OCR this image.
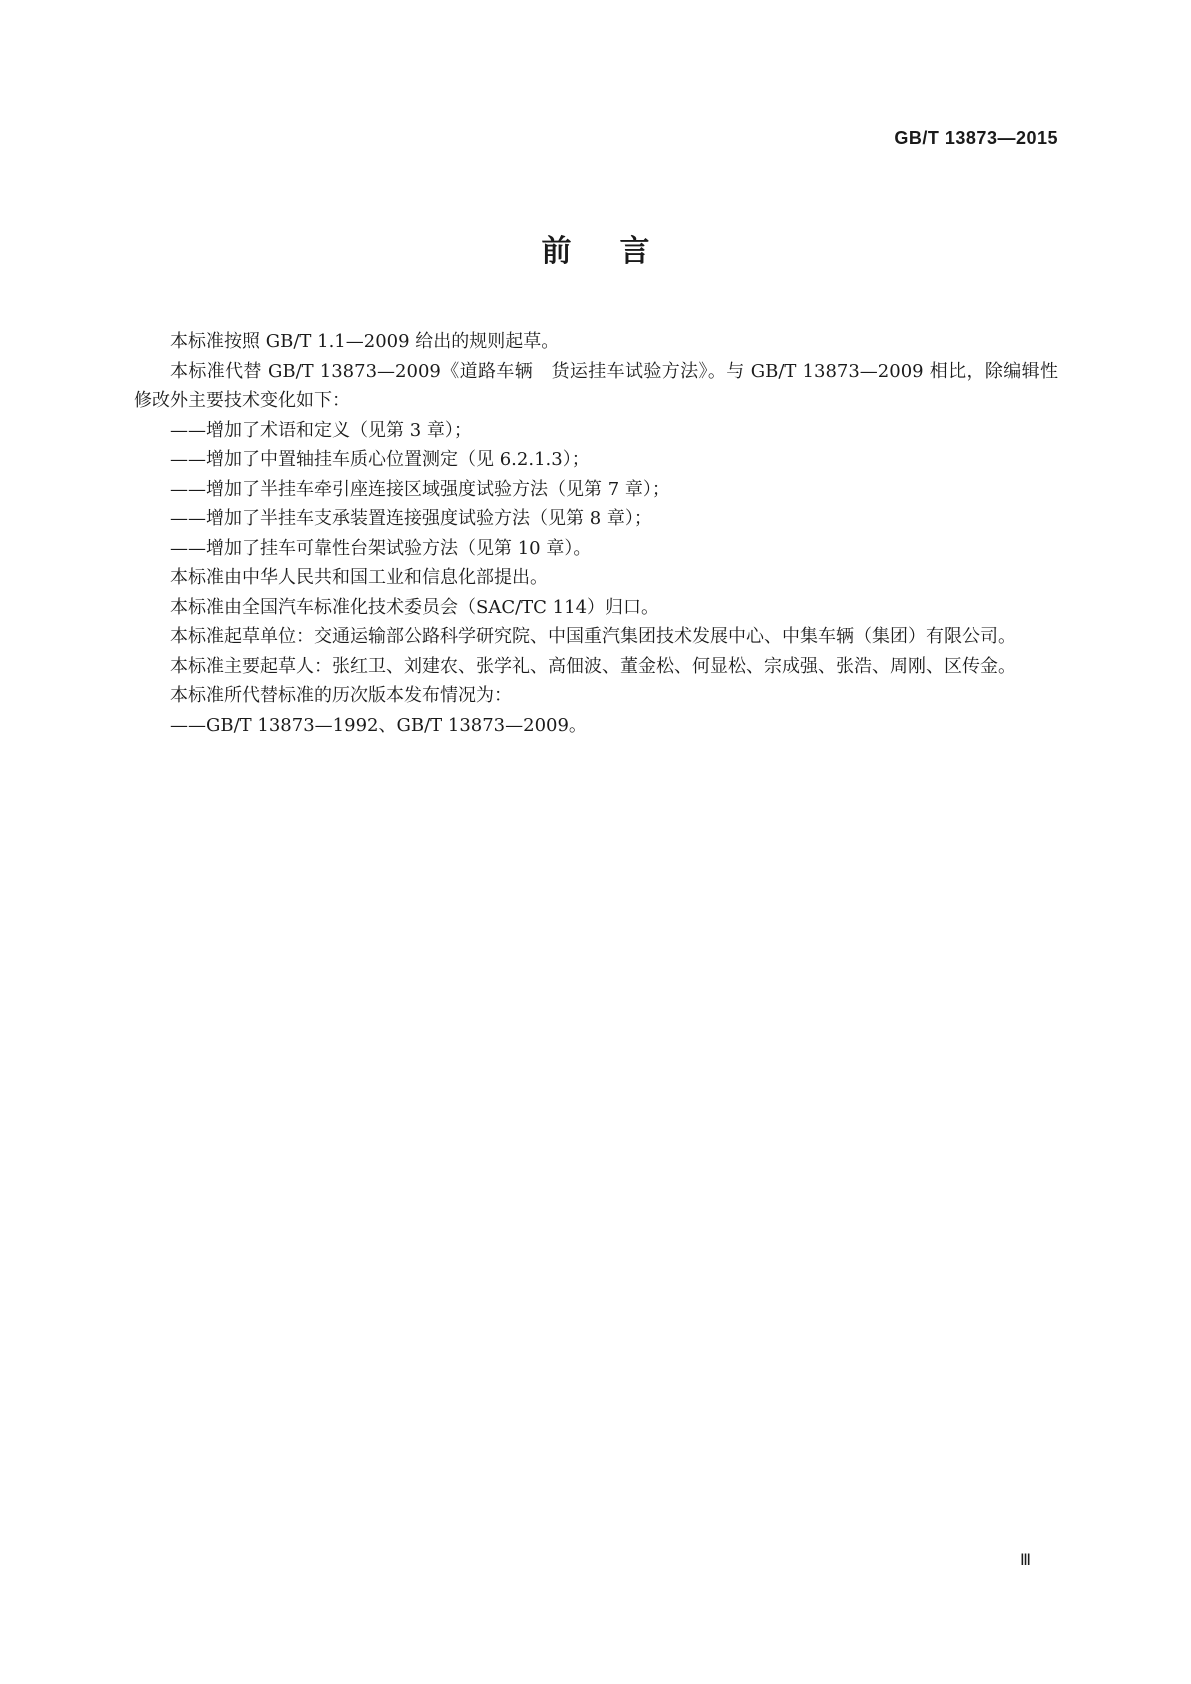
GB/T 13873—2015
前言

本标准按照 GB/T 1.1—2009 给出的规则起草。

本标准代替 GB/T 13873—2009《道路车辆　货运挂车试验方法》。与 GB/T 13873—2009 相比，除编辑性修改外主要技术变化如下：

——增加了术语和定义（见第 3 章）；

——增加了中置轴挂车质心位置测定（见 6.2.1.3）；

——增加了半挂车牵引座连接区域强度试验方法（见第 7 章）；

——增加了半挂车支承装置连接强度试验方法（见第 8 章）；

——增加了挂车可靠性台架试验方法（见第 10 章）。

本标准由中华人民共和国工业和信息化部提出。

本标准由全国汽车标准化技术委员会（SAC/TC 114）归口。

本标准起草单位：交通运输部公路科学研究院、中国重汽集团技术发展中心、中集车辆（集团）有限公司。

本标准主要起草人：张红卫、刘建农、张学礼、高佃波、董金松、何显松、宗成强、张浩、周刚、区传金。

本标准所代替标准的历次版本发布情况为：

——GB/T 13873—1992、GB/T 13873—2009。

Ⅲ
